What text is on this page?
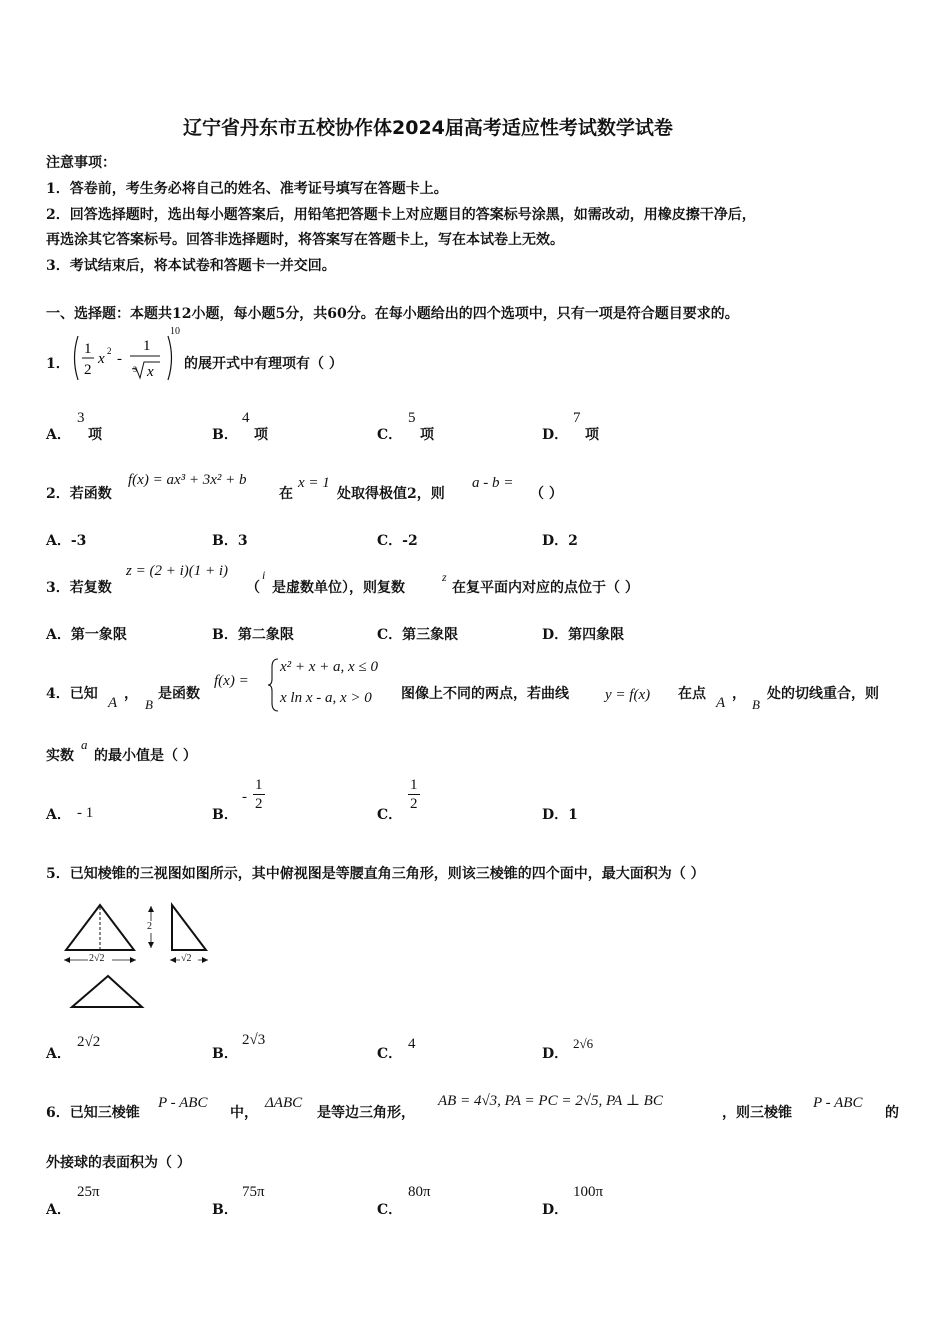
辽宁省丹东市五校协作体2024届高考适应性考试数学试卷
注意事项：
1．答卷前，考生务必将自己的姓名、准考证号填写在答题卡上。
2．回答选择题时，选出每小题答案后，用铅笔把答题卡上对应题目的答案标号涂黑，如需改动，用橡皮擦干净后，
再选涂其它答案标号。回答非选择题时，将答案写在答题卡上，写在本试卷上无效。
3．考试结束后，将本试卷和答题卡一并交回。
一、选择题：本题共12小题，每小题5分，共60分。在每小题给出的四个选项中，只有一项是符合题目要求的。
1．
1
2
x 2 -
1
3 x
10
的展开式中有理项有（ ）
A．
3
项	B．
4
项	C．
5
项	D．
7
项
2．若函数
f(x) = ax³ + 3x² + b
在
x = 1
处取得极值2，则
a - b =
（ ）
A．-3	B．3	C．-2	D．2
3．若复数
z = (2 + i)(1 + i)
（
i
是虚数单位），则复数
z
在复平面内对应的点位于（ ）
A．第一象限	B．第二象限	C．第三象限	D．第四象限
4．已知
A
，
B
是函数
f(x) =
x² + x + a, x ≤ 0
x ln x - a, x > 0 图像上不同的两点，若曲线 y = f(x) 在点
A
，
B
处的切线重合，则
实数
a
的最小值是（ ）
A． - 1	B．
- $\frac{1}{2}$
C．
$\frac{1}{2}$
D．1
5．已知棱锥的三视图如图所示，其中俯视图是等腰直角三角形，则该三棱锥的四个面中，最大面积为（ ）
2√2
2
√2
A．
2√2
B．
2√3
C．
4
D．
2√6
6．已知三棱锥
P - ABC
中，
ΔABC
是等边三角形，
AB = 4√3, PA = PC = 2√5, PA ⊥ BC
，则三棱锥
P - ABC
的
外接球的表面积为（ ）
A．
25π
B．
75π
C．
80π
D．
100π
